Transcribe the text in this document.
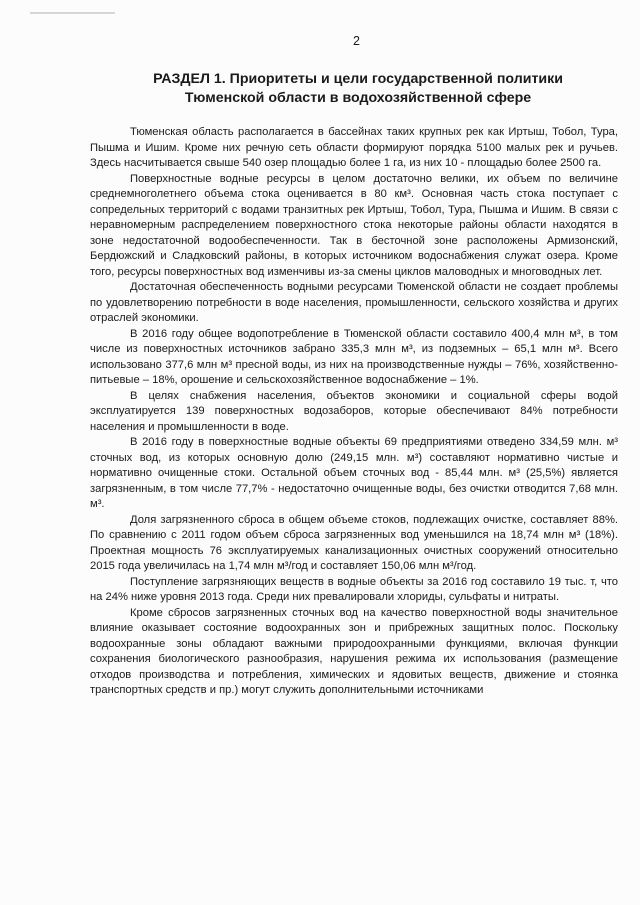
2
РАЗДЕЛ 1. Приоритеты и цели государственной политики
Тюменской области в водохозяйственной сфере

Тюменская область располагается в бассейнах таких крупных рек как Иртыш, Тобол, Тура, Пышма и Ишим. Кроме них речную сеть области формируют порядка 5100 малых рек и ручьев. Здесь насчитывается свыше 540 озер площадью более 1 га, из них 10 - площадью более 2500 га.

Поверхностные водные ресурсы в целом достаточно велики, их объем по величине среднемноголетнего объема стока оценивается в 80 км³. Основная часть стока поступает с сопредельных территорий с водами транзитных рек Иртыш, Тобол, Тура, Пышма и Ишим. В связи с неравномерным распределением поверхностного стока некоторые районы области находятся в зоне недостаточной водообеспеченности. Так в бесточной зоне расположены Армизонский, Бердюжский и Сладковский районы, в которых источником водоснабжения служат озера. Кроме того, ресурсы поверхностных вод изменчивы из-за смены циклов маловодных и многоводных лет.

Достаточная обеспеченность водными ресурсами Тюменской области не создает проблемы по удовлетворению потребности в воде населения, промышленности, сельского хозяйства и других отраслей экономики.

В 2016 году общее водопотребление в Тюменской области составило 400,4 млн м³, в том числе из поверхностных источников забрано 335,3 млн м³, из подземных – 65,1 млн м³. Всего использовано 377,6 млн м³ пресной воды, из них на производственные нужды – 76%, хозяйственно-питьевые – 18%, орошение и сельскохозяйственное водоснабжение – 1%.

В целях снабжения населения, объектов экономики и социальной сферы водой эксплуатируется 139 поверхностных водозаборов, которые обеспечивают 84% потребности населения и промышленности в воде.

В 2016 году в поверхностные водные объекты 69 предприятиями отведено 334,59 млн. м³ сточных вод, из которых основную долю (249,15 млн. м³) составляют нормативно чистые и нормативно очищенные стоки. Остальной объем сточных вод - 85,44 млн. м³ (25,5%) является загрязненным, в том числе 77,7% - недостаточно очищенные воды, без очистки отводится 7,68 млн. м³.

Доля загрязненного сброса в общем объеме стоков, подлежащих очистке, составляет 88%. По сравнению с 2011 годом объем сброса загрязненных вод уменьшился на 18,74 млн м³ (18%). Проектная мощность 76 эксплуатируемых канализационных очистных сооружений относительно 2015 года увеличилась на 1,74 млн м³/год и составляет 150,06 млн м³/год.

Поступление загрязняющих веществ в водные объекты за 2016 год составило 19 тыс. т, что на 24% ниже уровня 2013 года. Среди них превалировали хлориды, сульфаты и нитраты.

Кроме сбросов загрязненных сточных вод на качество поверхностной воды значительное влияние оказывает состояние водоохранных зон и прибрежных защитных полос. Поскольку водоохранные зоны обладают важными природоохранными функциями, включая функции сохранения биологического разнообразия, нарушения режима их использования (размещение отходов производства и потребления, химических и ядовитых веществ, движение и стоянка транспортных средств и пр.) могут служить дополнительными источниками
